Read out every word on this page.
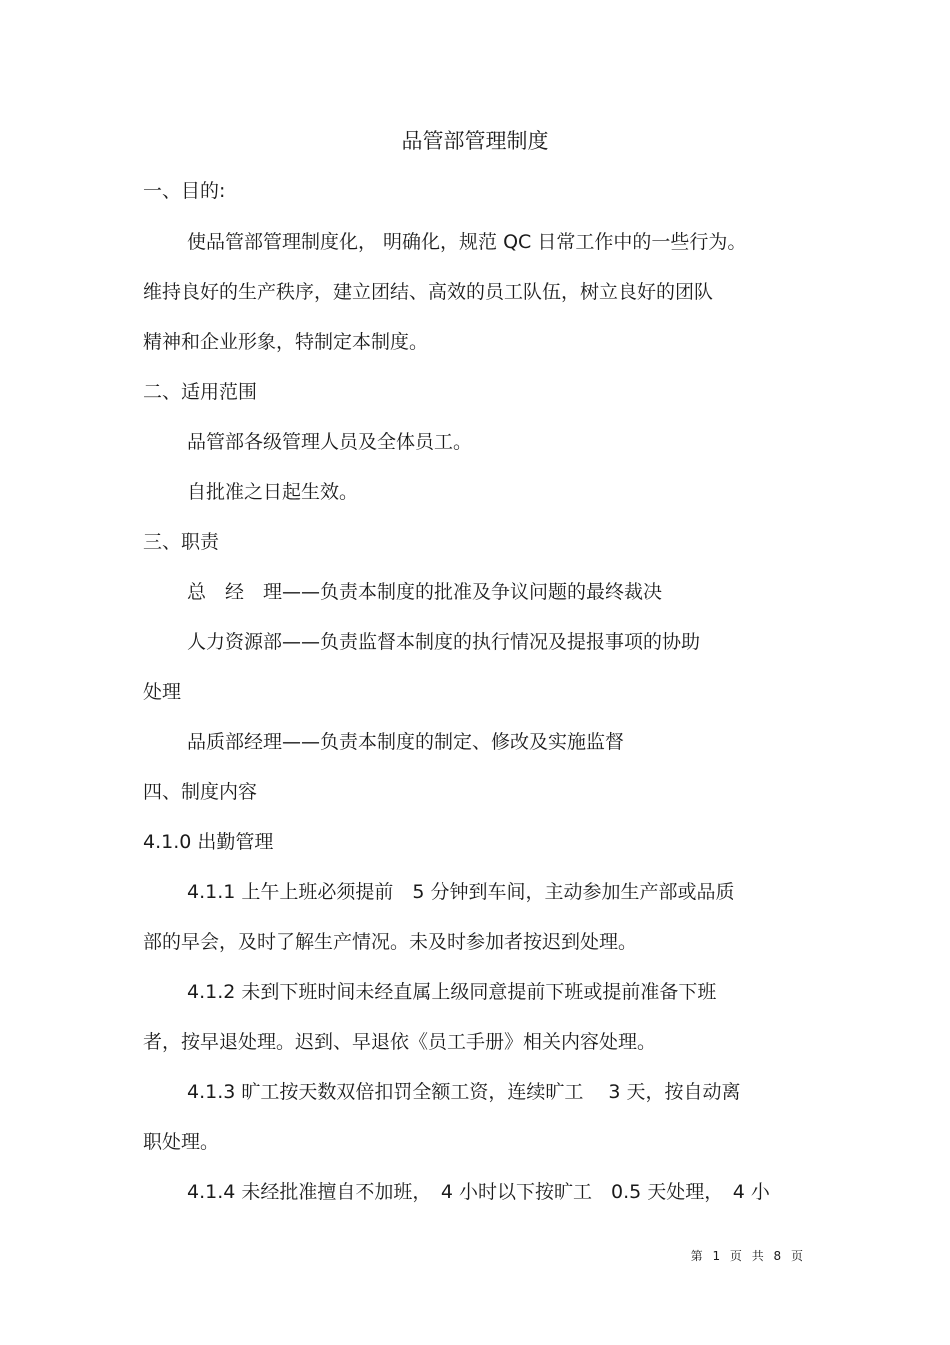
品管部管理制度
一、目的:
使品管部管理制度化， 明确化，规范 QC 日常工作中的一些行为。
维持良好的生产秩序，建立团结、高效的员工队伍，树立良好的团队
精神和企业形象，特制定本制度。
二、适用范围
品管部各级管理人员及全体员工。
自批准之日起生效。
三、职责
总　经　理——负责本制度的批准及争议问题的最终裁决
人力资源部——负责监督本制度的执行情况及提报事项的协助
处理
品质部经理——负责本制度的制定、修改及实施监督
四、制度内容
4.1.0 出勤管理
4.1.1 上午上班必须提前　5 分钟到车间，主动参加生产部或品质
部的早会，及时了解生产情况。未及时参加者按迟到处理。
4.1.2 未到下班时间未经直属上级同意提前下班或提前准备下班
者，按早退处理。迟到、早退依《员工手册》相关内容处理。
4.1.3 旷工按天数双倍扣罚全额工资，连续旷工　 3 天，按自动离
职处理。
4.1.4 未经批准擅自不加班，　4 小时以下按旷工　0.5 天处理，　4 小
第 1 页 共 8 页
